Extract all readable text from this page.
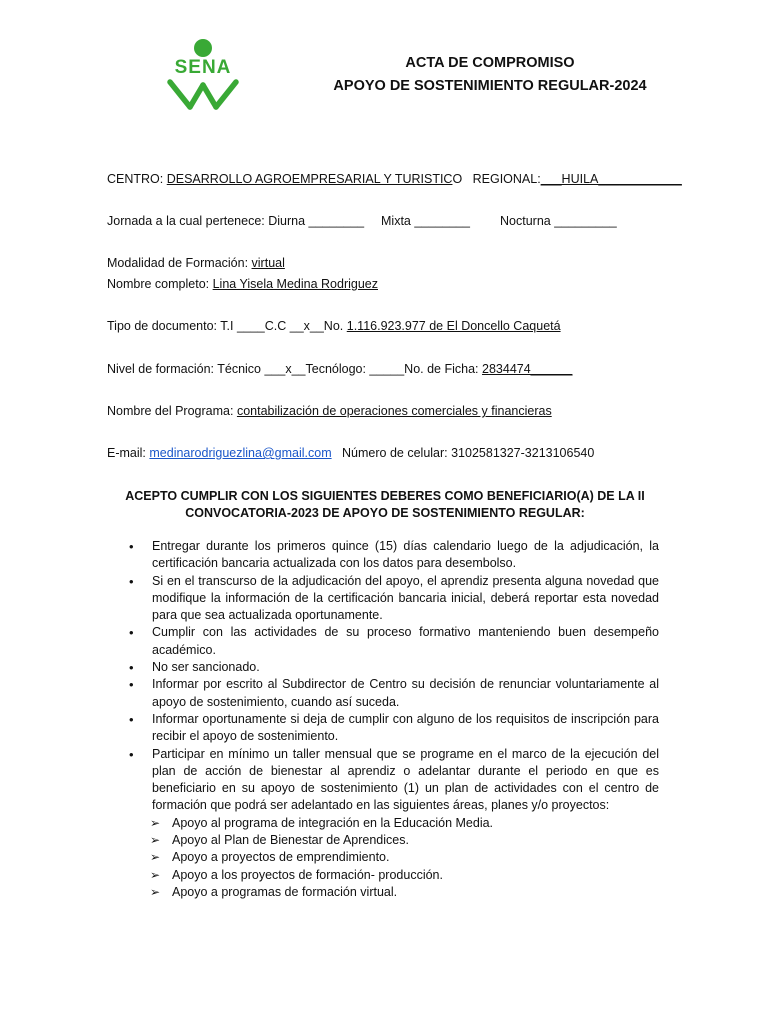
SENA	ACTA DE COMPROMISO
APOYO DE SOSTENIMIENTO REGULAR-2024
CENTRO: DESARROLLO AGROEMPRESARIAL Y TURISTICO REGIONAL:___HUILA____________
Jornada a la cual pertenece: Diurna ________ Mixta ________ Nocturna _________
Modalidad de Formación: virtual
Nombre completo: Lina Yisela Medina Rodriguez
Tipo de documento: T.I ____C.C __x__No. 1.116.923.977 de El Doncello Caquetá
Nivel de formación: Técnico ___x__Tecnólogo: _____No. de Ficha: 2834474______
Nombre del Programa: contabilización de operaciones comerciales y financieras
E-mail: medinarodriguezlina@gmail.com Número de celular: 3102581327-3213106540
ACEPTO CUMPLIR CON LOS SIGUIENTES DEBERES COMO BENEFICIARIO(A) DE LA II
CONVOCATORIA-2023 DE APOYO DE SOSTENIMIENTO REGULAR:
• Entregar durante los primeros quince (15) días calendario luego de la adjudicación, la certificación bancaria actualizada con los datos para desembolso.
• Si en el transcurso de la adjudicación del apoyo, el aprendiz presenta alguna novedad que modifique la información de la certificación bancaria inicial, deberá reportar esta novedad para que sea actualizada oportunamente.
• Cumplir con las actividades de su proceso formativo manteniendo buen desempeño académico.
• No ser sancionado.
• Informar por escrito al Subdirector de Centro su decisión de renunciar voluntariamente al apoyo de sostenimiento, cuando así suceda.
• Informar oportunamente si deja de cumplir con alguno de los requisitos de inscripción para recibir el apoyo de sostenimiento.
• Participar en mínimo un taller mensual que se programe en el marco de la ejecución del plan de acción de bienestar al aprendiz o adelantar durante el periodo en que es beneficiario en su apoyo de sostenimiento (1) un plan de actividades con el centro de formación que podrá ser adelantado en las siguientes áreas, planes y/o proyectos:
➢ Apoyo al programa de integración en la Educación Media.
➢ Apoyo al Plan de Bienestar de Aprendices.
➢ Apoyo a proyectos de emprendimiento.
➢ Apoyo a los proyectos de formación- producción.
➢ Apoyo a programas de formación virtual.
